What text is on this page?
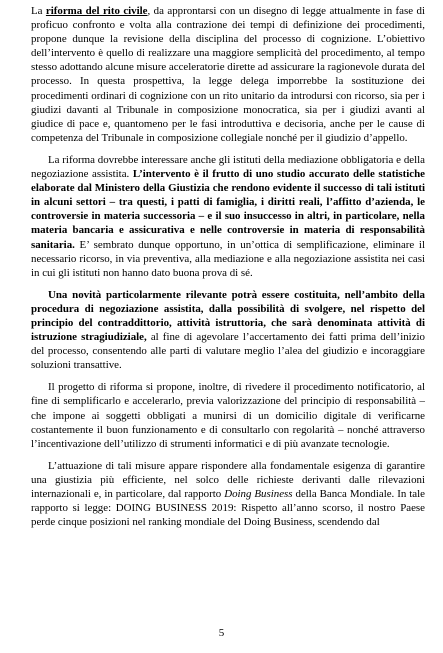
La riforma del rito civile, da approntarsi con un disegno di legge attualmente in fase di proficuo confronto e volta alla contrazione dei tempi di definizione dei procedimenti, propone dunque la revisione della disciplina del processo di cognizione. L’obiettivo dell’intervento è quello di realizzare una maggiore semplicità del procedimento, al tempo stesso adottando alcune misure acceleratorie dirette ad assicurare la ragionevole durata del processo. In questa prospettiva, la legge delega imporrebbe la sostituzione dei procedimenti ordinari di cognizione con un rito unitario da introdursi con ricorso, sia per i giudizi davanti al Tribunale in composizione monocratica, sia per i giudizi avanti al giudice di pace e, quantomeno per le fasi introduttiva e decisoria, anche per le cause di competenza del Tribunale in composizione collegiale nonché per il giudizio d’appello.

La riforma dovrebbe interessare anche gli istituti della mediazione obbligatoria e della negoziazione assistita. L’intervento è il frutto di uno studio accurato delle statistiche elaborate dal Ministero della Giustizia che rendono evidente il successo di tali istituti in alcuni settori – tra questi, i patti di famiglia, i diritti reali, l’affitto d’azienda, le controversie in materia successoria – e il suo insuccesso in altri, in particolare, nella materia bancaria e assicurativa e nelle controversie in materia di responsabilità sanitaria. E’ sembrato dunque opportuno, in un’ottica di semplificazione, eliminare il necessario ricorso, in via preventiva, alla mediazione e alla negoziazione assistita nei casi in cui gli istituti non hanno dato buona prova di sé.

Una novità particolarmente rilevante potrà essere costituita, nell’ambito della procedura di negoziazione assistita, dalla possibilità di svolgere, nel rispetto del principio del contraddittorio, attività istruttoria, che sarà denominata attività di istruzione stragiudiziale, al fine di agevolare l’accertamento dei fatti prima dell’inizio del processo, consentendo alle parti di valutare meglio l’alea del giudizio e incoraggiare soluzioni transattive.

Il progetto di riforma si propone, inoltre, di rivedere il procedimento notificatorio, al fine di semplificarlo e accelerarlo, previa valorizzazione del principio di responsabilità – che impone ai soggetti obbligati a munirsi di un domicilio digitale di verificarne costantemente il buon funzionamento e di consultarlo con regolarità – nonché attraverso l’incentivazione dell’utilizzo di strumenti informatici e di più avanzate tecnologie.

L’attuazione di tali misure appare rispondere alla fondamentale esigenza di garantire una giustizia più efficiente, nel solco delle richieste derivanti dalle rilevazioni internazionali e, in particolare, dal rapporto Doing Business della Banca Mondiale. In tale rapporto si legge: DOING BUSINESS 2019: Rispetto all’anno scorso, il nostro Paese perde cinque posizioni nel ranking mondiale del Doing Business, scendendo dal

5
